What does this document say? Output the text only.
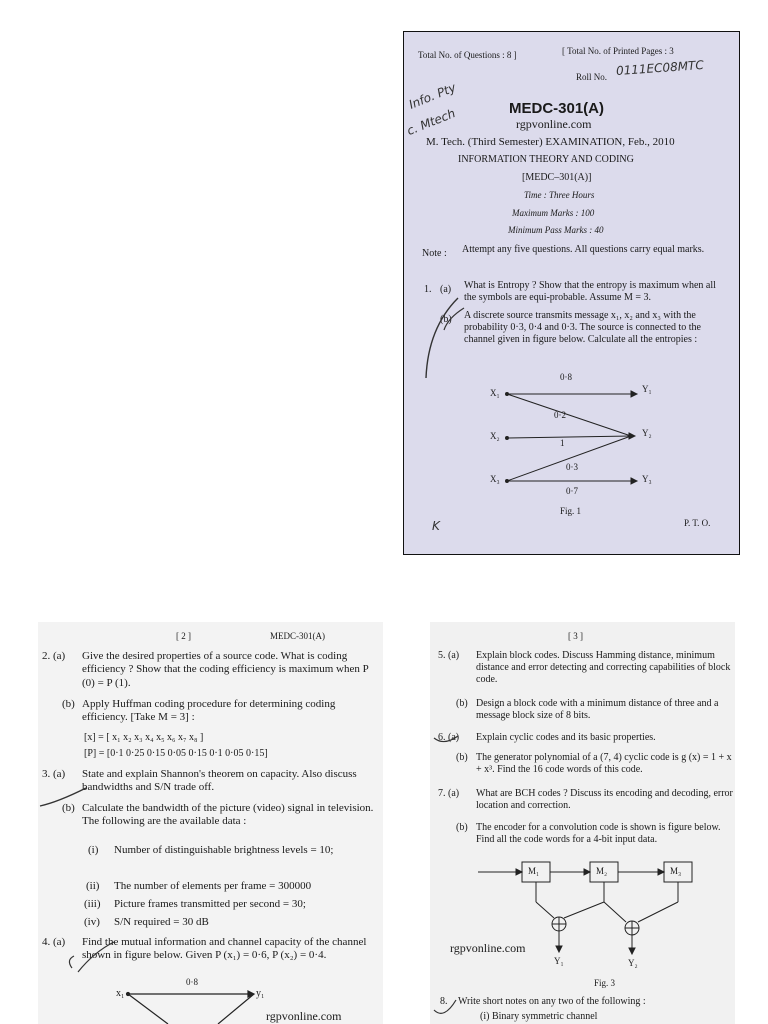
Total No. of Questions : 8 ]	[ Total No. of Printed Pages : 3
Roll No. 0111EC08MTC
Info. Pty
c. Mtech	MEDC-301(A)
rgpvonline.com
M. Tech. (Third Semester) EXAMINATION, Feb., 2010
INFORMATION THEORY AND CODING
[MEDC–301(A)]
Time : Three Hours
Maximum Marks : 100
Minimum Pass Marks : 40
Note : Attempt any five questions. All questions carry equal marks.
1. (a) What is Entropy ? Show that the entropy is maximum when all the symbols are equi-probable. Assume M = 3.
(b) A discrete source transmits message x₁, x₂ and x₃ with the probability 0·3, 0·4 and 0·3. The source is connected to the channel given in figure below. Calculate all the entropies :
X₁
X₂
X₃
Y₁
Y₂
Y₃
0·8
0·2
1
0·3
0·7
Fig. 1
K	P. T. O.
[ 2 ]	MEDC-301(A)
2. (a) Give the desired properties of a source code. What is coding efficiency ? Show that the coding efficiency is maximum when P (0) = P (1).
(b) Apply Huffman coding procedure for determining coding efficiency. [Take M = 3] :
[x] = [ x₁ x₂ x₃ x₄ x₅ x₆ x₇ x₈ ]
[P] = [0·1 0·25 0·15 0·05 0·15 0·1 0·05 0·15]
3. (a) State and explain Shannon's theorem on capacity. Also discuss bandwidths and S/N trade off.
(b) Calculate the bandwidth of the picture (video) signal in television. The following are the available data :
(i) Number of distinguishable brightness levels = 10;
(ii) The number of elements per frame = 300000
(iii) Picture frames transmitted per second = 30;
(iv) S/N required = 30 dB
4. (a) Find the mutual information and channel capacity of the channel shown in figure below. Given P (x₁) = 0·6, P (x₂) = 0·4.
x₁
0·8
y₁
rgpvonline.com
[ 3 ]
5. (a) Explain block codes. Discuss Hamming distance, minimum distance and error detecting and correcting capabilities of block code.
(b) Design a block code with a minimum distance of three and a message block size of 8 bits.
6. (a) Explain cyclic codes and its basic properties.
(b) The generator polynomial of a (7, 4) cyclic code is g (x) = 1 + x + x³. Find the 16 code words of this code.
7. (a) What are BCH codes ? Discuss its encoding and decoding, error location and correction.
(b) The encoder for a convolution code is shown is figure below. Find all the code words for a 4-bit input data.
M₁	M₂	M₃
Y₁	Y₂
rgpvonline.com
Fig. 3
8. Write short notes on any two of the following :
(i) Binary symmetric channel
